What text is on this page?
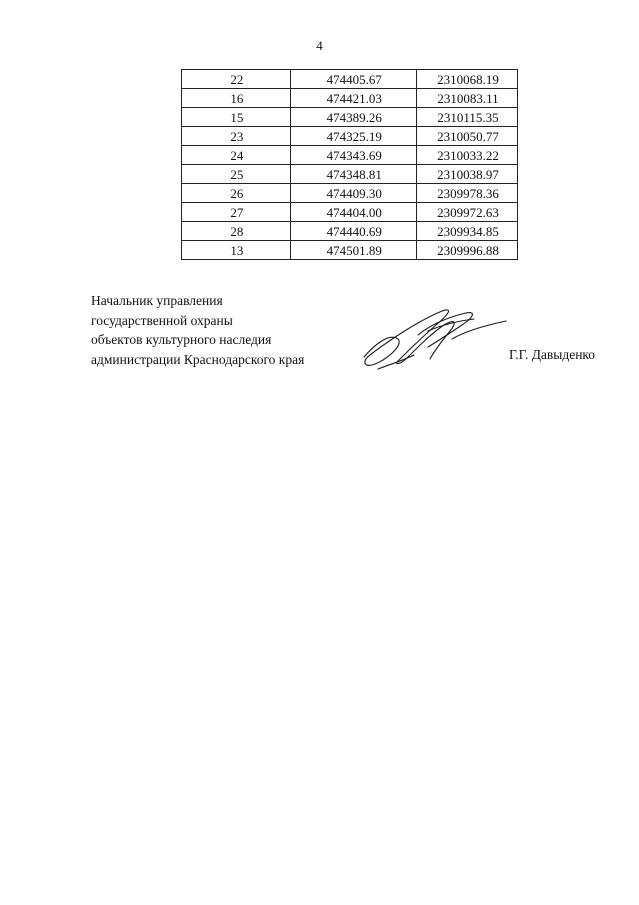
4
22	474405.67	2310068.19
16	474421.03	2310083.11
15	474389.26	2310115.35
23	474325.19	2310050.77
24	474343.69	2310033.22
25	474348.81	2310038.97
26	474409.30	2309978.36
27	474404.00	2309972.63
28	474440.69	2309934.85
13	474501.89	2309996.88
Начальник управления
государственной охраны
объектов культурного наследия
администрации Краснодарского края	Г.Г. Давыденко
